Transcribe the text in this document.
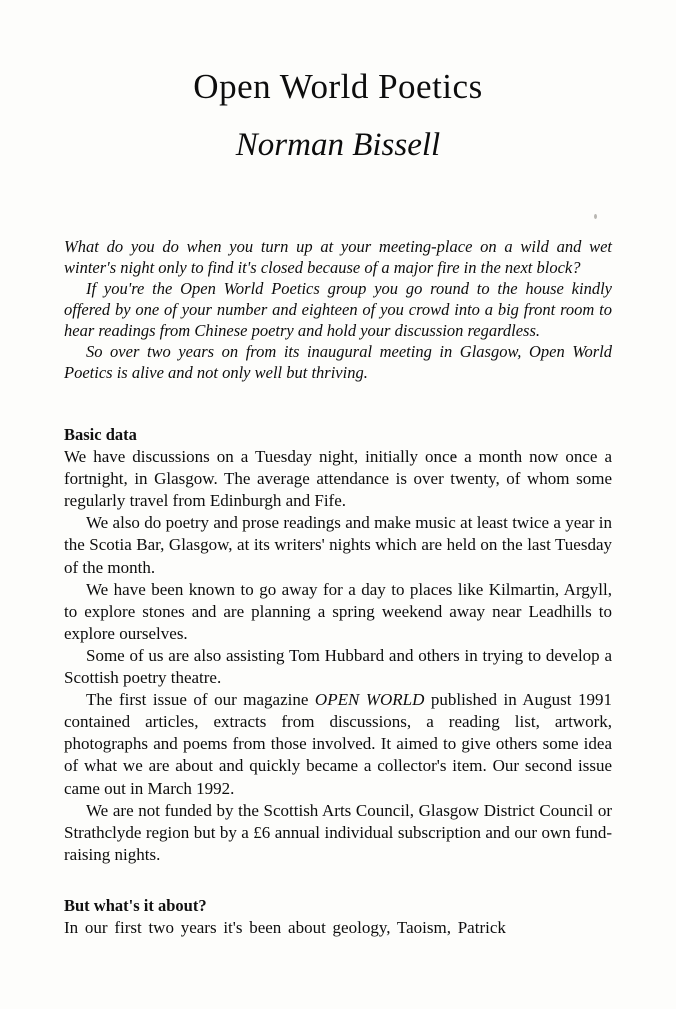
Open World Poetics
Norman Bissell

What do you do when you turn up at your meeting-place on a wild and wet winter's night only to find it's closed because of a major fire in the next block?

If you're the Open World Poetics group you go round to the house kindly offered by one of your number and eighteen of you crowd into a big front room to hear readings from Chinese poetry and hold your discussion regardless.

So over two years on from its inaugural meeting in Glasgow, Open World Poetics is alive and not only well but thriving.

Basic data

We have discussions on a Tuesday night, initially once a month now once a fortnight, in Glasgow. The average attendance is over twenty, of whom some regularly travel from Edinburgh and Fife.

We also do poetry and prose readings and make music at least twice a year in the Scotia Bar, Glasgow, at its writers' nights which are held on the last Tuesday of the month.

We have been known to go away for a day to places like Kilmartin, Argyll, to explore stones and are planning a spring weekend away near Leadhills to explore ourselves.

Some of us are also assisting Tom Hubbard and others in trying to develop a Scottish poetry theatre.

The first issue of our magazine OPEN WORLD published in August 1991 contained articles, extracts from discussions, a reading list, artwork, photographs and poems from those involved. It aimed to give others some idea of what we are about and quickly became a collector's item. Our second issue came out in March 1992.

We are not funded by the Scottish Arts Council, Glasgow District Council or Strathclyde region but by a £6 annual individual subscription and our own fund-raising nights.

But what's it about?

In our first two years it's been about geology, Taoism, Patrick
